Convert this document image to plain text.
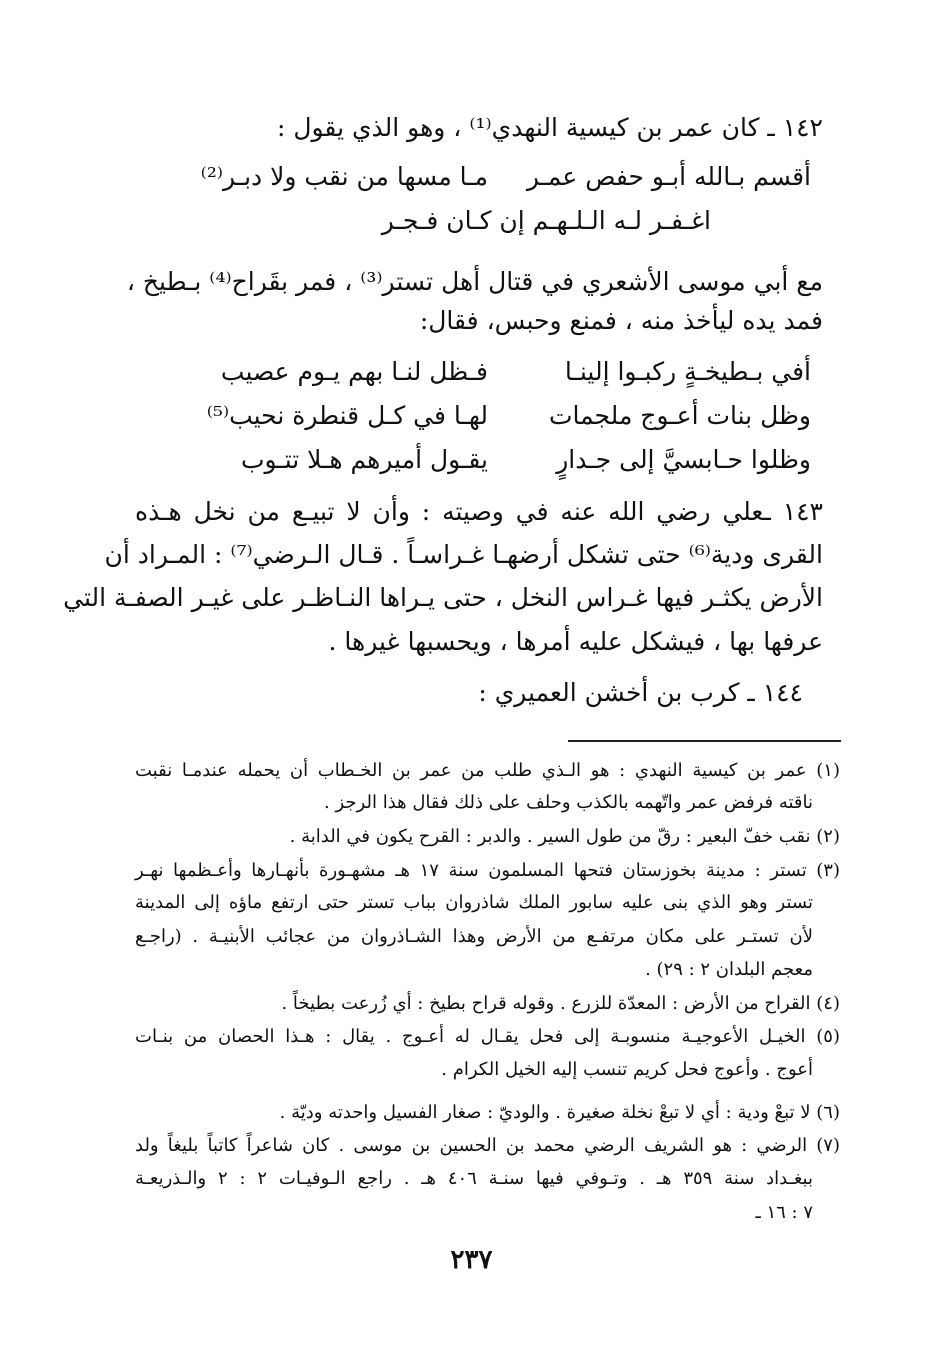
١٤٢ ـ كان عمر بن كيسية النهدي⁽¹⁾ ، وهو الذي يقول :
أقسم بـالله أبـو حفص عمـر
مـا مسها من نقب ولا دبـر⁽²⁾
اغـفـر لـه الـلـهـم إن كـان فـجـر
مع أبي موسى الأشعري في قتال أهل تستر⁽³⁾ ، فمر بقَراح⁽⁴⁾ بـطيخ ،
فمد يده ليأخذ منه ، فمنع وحبس، فقال:
أفي بـطيخـةٍ ركبـوا إلينـا
فـظل لنـا بهم يـوم عصيب
وظل بنات أعـوج ملجمات
لهـا في كـل قنطرة نحيب⁽⁵⁾
وظلوا حـابسيَّ إلى جـدارٍ
يقـول أميرهم هـلا تتـوب
١٤٣ ـعلي رضي الله عنه في وصيته : وأن لا تبيـع من نخل هـذه
القرى ودية⁽⁶⁾ حتى تشكل أرضهـا غـراسـاً . قـال الـرضي⁽⁷⁾ : المـراد أن
الأرض يكثـر فيها غـراس النخل ، حتى يـراها النـاظـر على غيـر الصفـة التي
عرفها بها ، فيشكل عليه أمرها ، ويحسبها غيرها .
١٤٤ ـ كرب بن أخشن العميري :
(١) عمر بن كيسية النهدي : هو الـذي طلب من عمر بن الخـطاب أن يحمله عندمـا نقبت
ناقته فرفض عمر واتّهمه بالكذب وحلف على ذلك فقال هذا الرجز .
(٢) نقب خفّ البعير : رقّ من طول السير . والدبر : القرح يكون في الدابة .
(٣) تستر : مدينة بخوزستان فتحها المسلمون سنة ١٧ هـ مشهـورة بأنهـارها وأعـظمها نهـر
تستر وهو الذي بنى عليه سابور الملك شاذروان بباب تستر حتى ارتفع ماؤه إلى المدينة
لأن تستـر على مكان مرتفـع من الأرض وهذا الشـاذروان من عجائب الأبنيـة . (راجـع
معجم البلدان ٢ : ٢٩) .
(٤) القراح من الأرض : المعدّة للزرع . وقوله قراح بطيخ : أي زُرعت بطيخاً .
(٥) الخيـل الأعوجيـة منسوبـة إلى فحل يقـال له أعـوج . يقال : هـذا الحصان من بنـات
أعوج . وأعوج فحل كريم تنسب إليه الخيل الكرام .
(٦) لا تبعْ ودية : أي لا تبعْ نخلة صغيرة . والوديّ : صغار الفسيل واحدته وديّة .
(٧) الرضي : هو الشريف الرضي محمد بن الحسين بن موسى . كان شاعراً كاتباً بليغاً ولد
ببغـداد سنة ٣٥٩ هـ . وتـوفي فيها سنـة ٤٠٦ هـ . راجع الـوفيـات ٢ : ٢ والـذريعـة
٧ : ١٦ ـ
٢٣٧
